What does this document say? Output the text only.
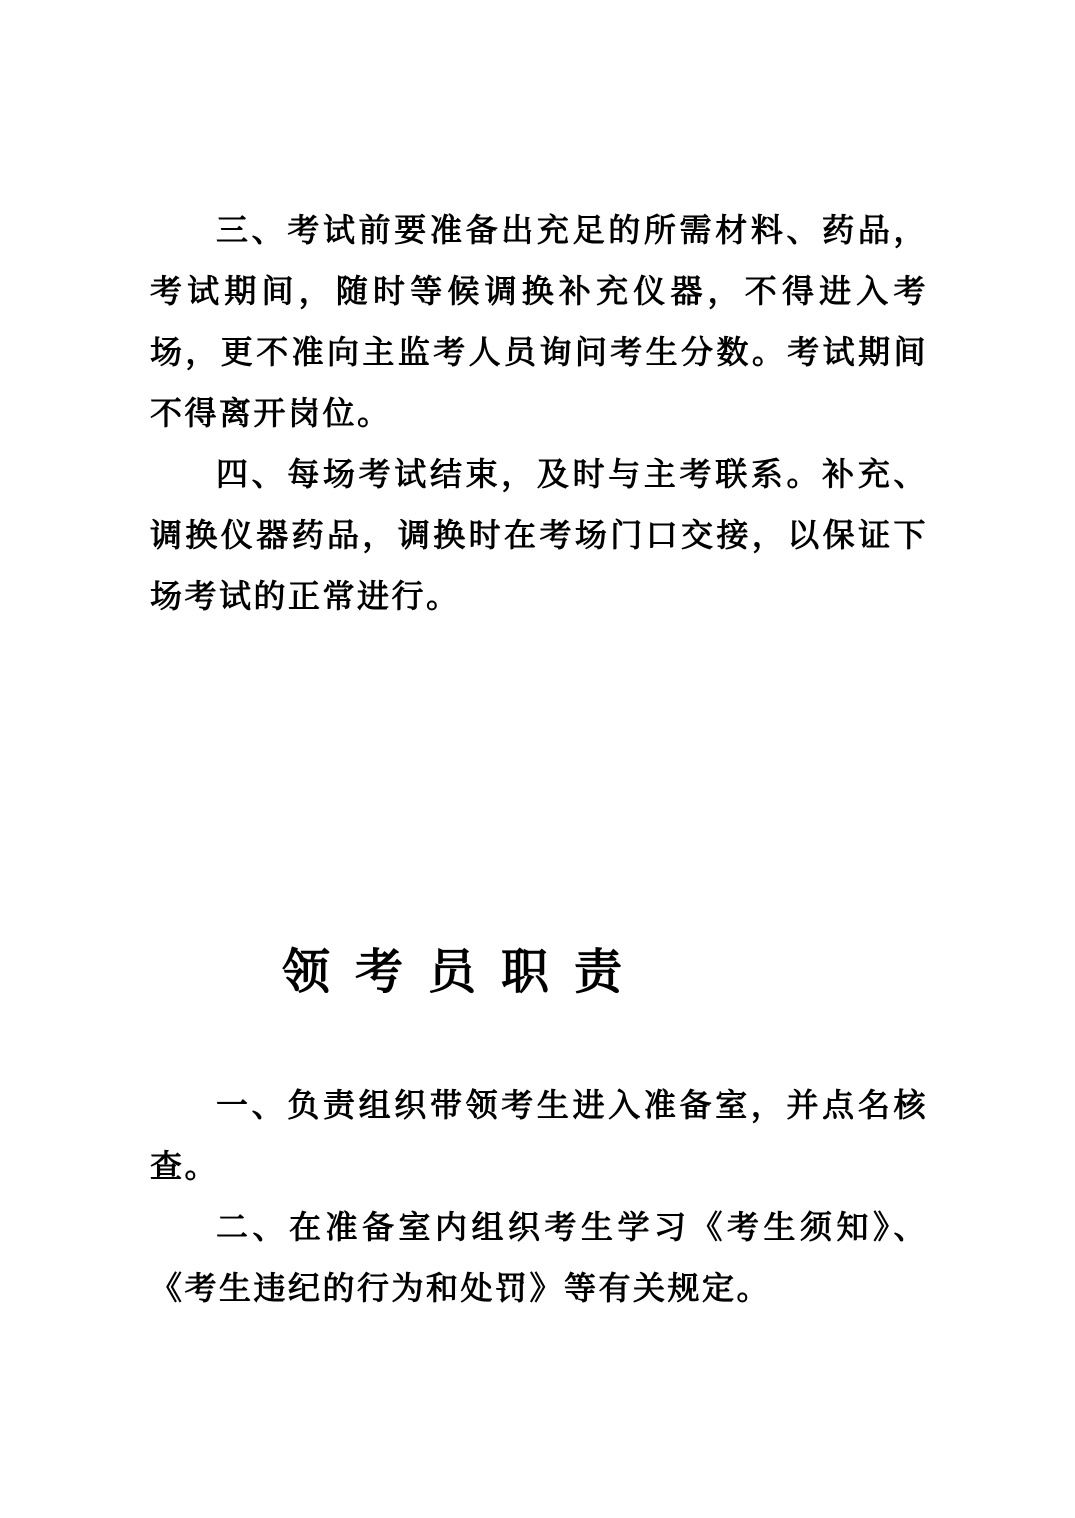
三、考试前要准备出充足的所需材料、药品，考试期间，随时等候调换补充仪器，不得进入考场，更不准向主监考人员询问考生分数。考试期间不得离开岗位。

四、每场考试结束，及时与主考联系。补充、调换仪器药品，调换时在考场门口交接，以保证下场考试的正常进行。

领考员职责

一、负责组织带领考生进入准备室，并点名核查。

二、在准备室内组织考生学习《考生须知》、《考生违纪的行为和处罚》等有关规定。
